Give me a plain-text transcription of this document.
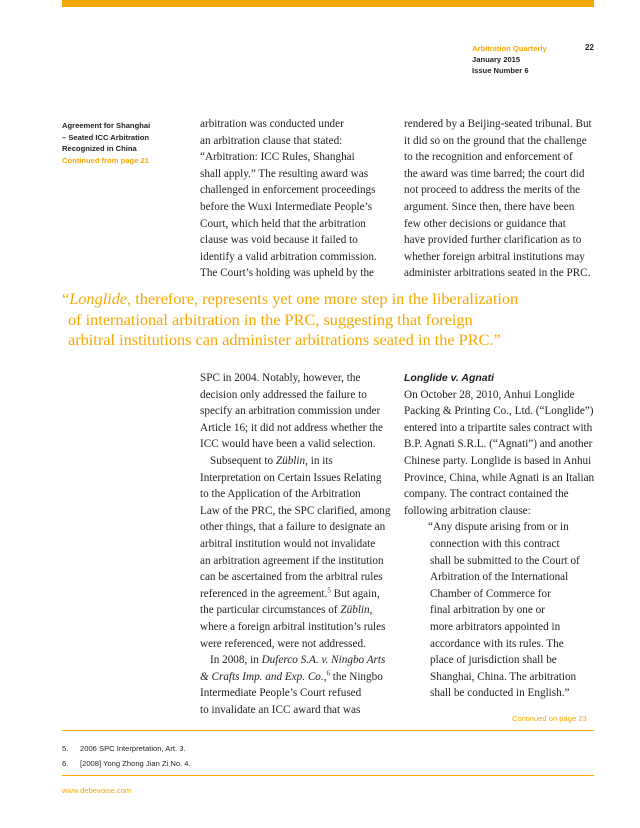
Arbitration Quarterly
January 2015
Issue Number 6
22
Agreement for Shanghai
– Seated ICC Arbitration
Recognized in China
Continued from page 21

arbitration was conducted under

an arbitration clause that stated:

“Arbitration: ICC Rules, Shanghai

shall apply.” The resulting award was

challenged in enforcement proceedings

before the Wuxi Intermediate People’s

Court, which held that the arbitration

clause was void because it failed to

identify a valid arbitration commission.

The Court’s holding was upheld by the

rendered by a Beijing-seated tribunal. But

it did so on the ground that the challenge

to the recognition and enforcement of

the award was time barred; the court did

not proceed to address the merits of the

argument. Since then, there have been

few other decisions or guidance that

have provided further clarification as to

whether foreign arbitral institutions may

administer arbitrations seated in the PRC.

“Longlide, therefore, represents yet one more step in the liberalization
of international arbitration in the PRC, suggesting that foreign
arbitral institutions can administer arbitrations seated in the PRC.”

SPC in 2004. Notably, however, the

decision only addressed the failure to

specify an arbitration commission under

Article 16; it did not address whether the

ICC would have been a valid selection.

Subsequent to Züblin, in its

Interpretation on Certain Issues Relating

to the Application of the Arbitration

Law of the PRC, the SPC clarified, among

other things, that a failure to designate an

arbitral institution would not invalidate

an arbitration agreement if the institution

can be ascertained from the arbitral rules

referenced in the agreement.$^5$ But again,

the particular circumstances of Züblin,

where a foreign arbitral institution’s rules

were referenced, were not addressed.

In 2008, in Duferco S.A. v. Ningbo Arts

& Crafts Imp. and Exp. Co.,$^6$ the Ningbo

Intermediate People’s Court refused

to invalidate an ICC award that was

Longlide v. Agnati

On October 28, 2010, Anhui Longlide

Packing & Printing Co., Ltd. (“Longlide”)

entered into a tripartite sales contract with

B.P. Agnati S.R.L. (“Agnati”) and another

Chinese party. Longlide is based in Anhui

Province, China, while Agnati is an Italian

company. The contract contained the

following arbitration clause:

“Any dispute arising from or in

connection with this contract

shall be submitted to the Court of

Arbitration of the International

Chamber of Commerce for

final arbitration by one or

more arbitrators appointed in

accordance with its rules. The

place of jurisdiction shall be

Shanghai, China. The arbitration

shall be conducted in English.”

Continued on page 23
5. 2006 SPC Interpretation, Art. 3.
6. [2008] Yong Zhong Jian Zi No. 4.
www.debevoise.com
